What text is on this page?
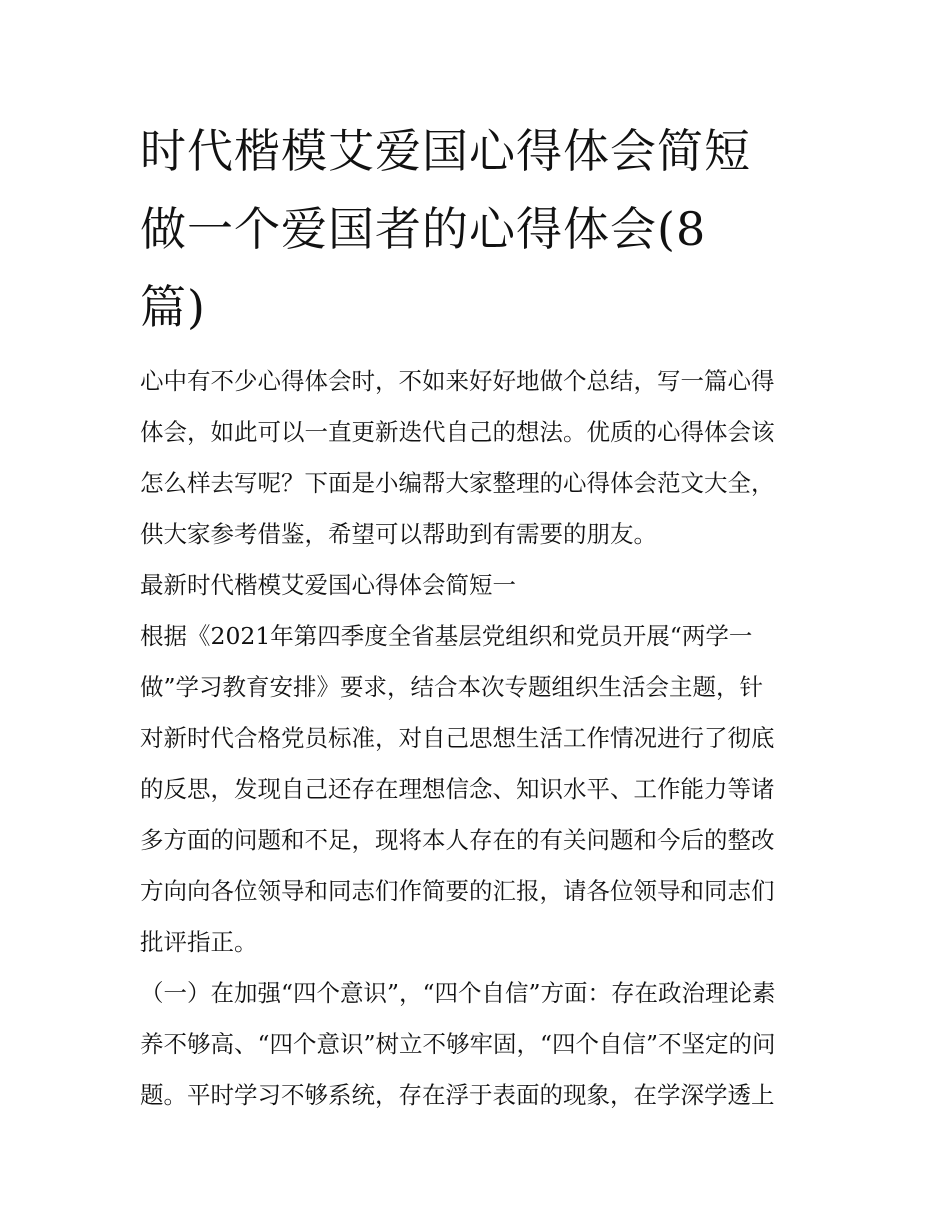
时代楷模艾爱国心得体会简短
做一个爱国者的心得体会(8
篇)
心中有不少心得体会时，不如来好好地做个总结，写一篇心得
体会，如此可以一直更新迭代自己的想法。优质的心得体会该
怎么样去写呢？下面是小编帮大家整理的心得体会范文大全，
供大家参考借鉴，希望可以帮助到有需要的朋友。
最新时代楷模艾爱国心得体会简短一
根据《2021年第四季度全省基层党组织和党员开展“两学一
做”学习教育安排》要求，结合本次专题组织生活会主题，针
对新时代合格党员标准，对自己思想生活工作情况进行了彻底
的反思，发现自己还存在理想信念、知识水平、工作能力等诸
多方面的问题和不足，现将本人存在的有关问题和今后的整改
方向向各位领导和同志们作简要的汇报，请各位领导和同志们
批评指正。
（一）在加强“四个意识”，“四个自信”方面：存在政治理论素
养不够高、“四个意识”树立不够牢固，“四个自信”不坚定的问
题。平时学习不够系统，存在浮于表面的现象，在学深学透上
